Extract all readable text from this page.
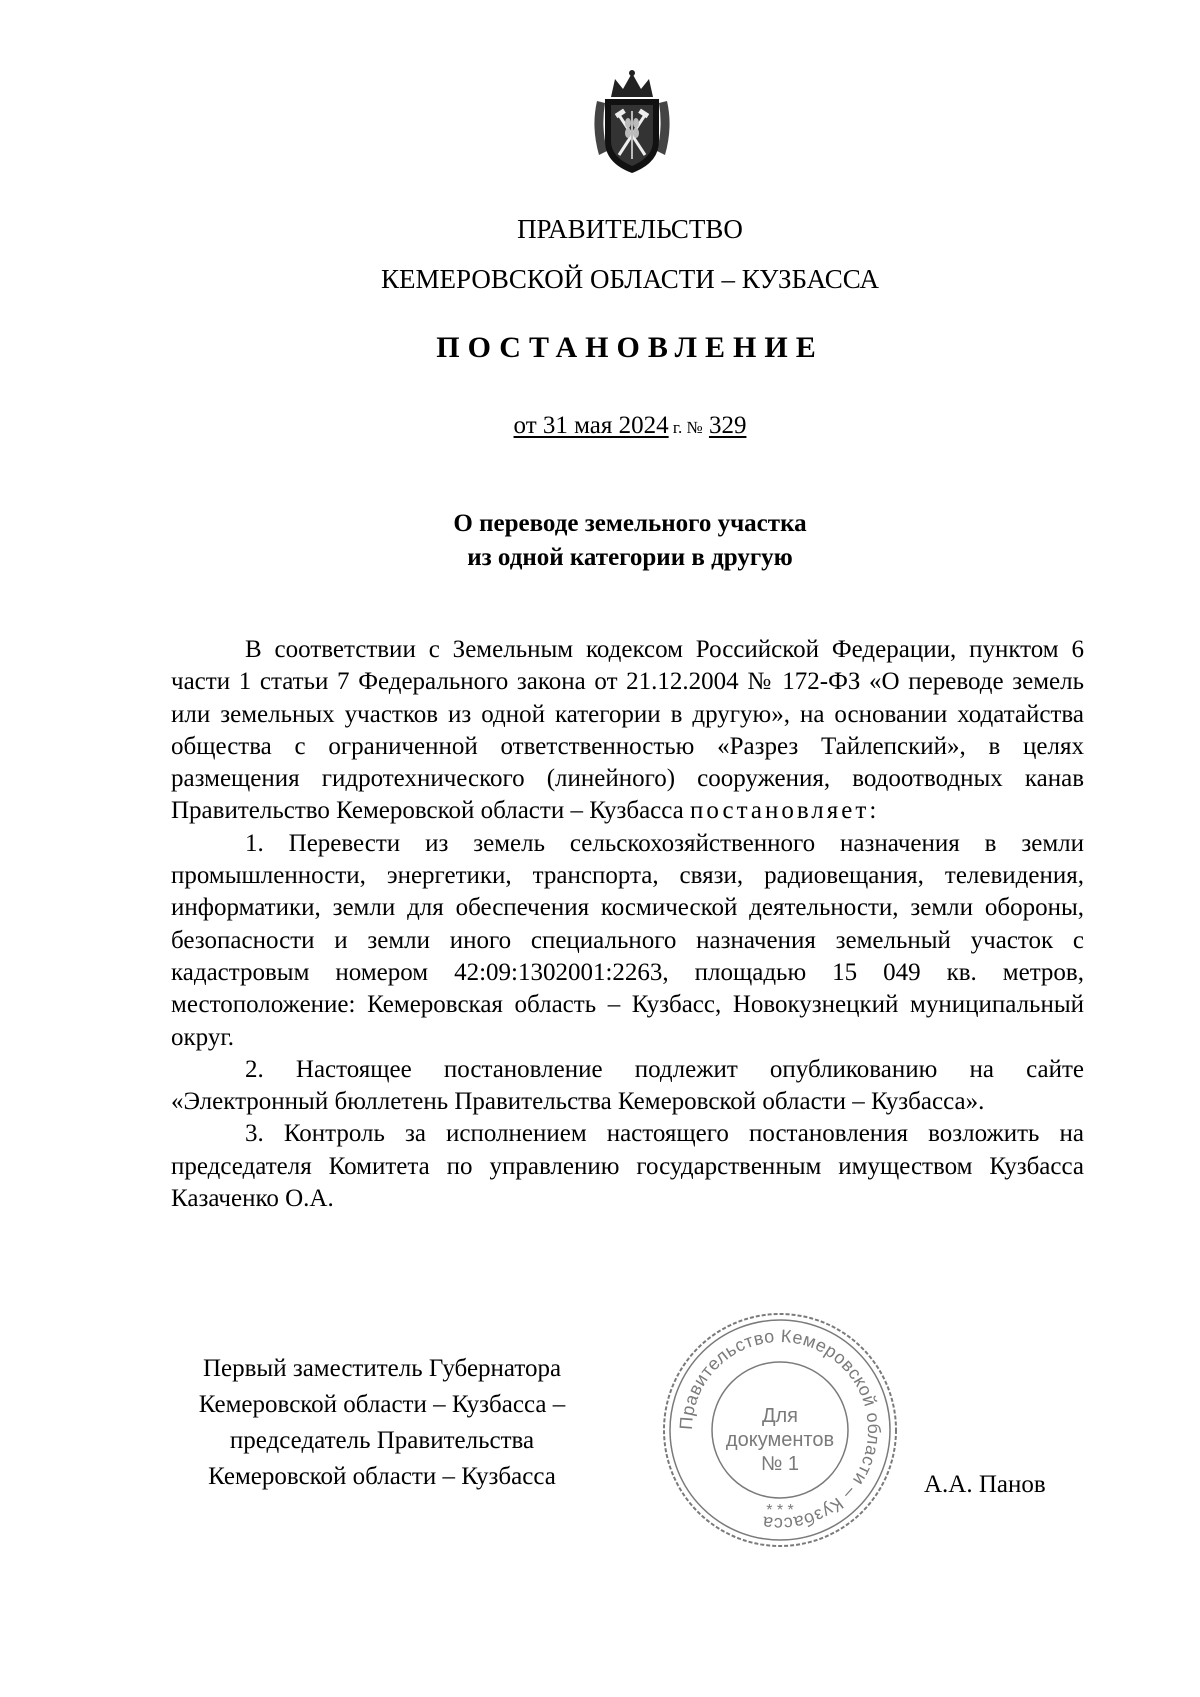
ПРАВИТЕЛЬСТВО
КЕМЕРОВСКОЙ ОБЛАСТИ – КУЗБАССА
ПОСТАНОВЛЕНИЕ
от 31 мая 2024 г. № 329
О переводе земельного участка
из одной категории в другую

В соответствии с Земельным кодексом Российской Федерации, пунктом 6 части 1 статьи 7 Федерального закона от 21.12.2004 № 172-ФЗ «О переводе земель или земельных участков из одной категории в другую», на основании ходатайства общества с ограниченной ответственностью «Разрез Тайлепский», в целях размещения гидротехнического (линейного) сооружения, водоотводных канав Правительство Кемеровской области – Кузбасса постановляет:

1. Перевести из земель сельскохозяйственного назначения в земли промышленности, энергетики, транспорта, связи, радиовещания, телевидения, информатики, земли для обеспечения космической деятельности, земли обороны, безопасности и земли иного специального назначения земельный участок с кадастровым номером 42:09:1302001:2263, площадью 15 049 кв. метров, местоположение: Кемеровская область – Кузбасс, Новокузнецкий муниципальный округ.

2. Настоящее постановление подлежит опубликованию на сайте «Электронный бюллетень Правительства Кемеровской области – Кузбасса».

3. Контроль за исполнением настоящего постановления возложить на председателя Комитета по управлению государственным имуществом Кузбасса Казаченко О.А.

Первый заместитель Губернатора
Кемеровской области – Кузбасса –
председатель Правительства
Кемеровской области – Кузбасса
Правительство Кемеровской области – Кузбасса
Для
документов
№ 1
* * *
А.А. Панов
